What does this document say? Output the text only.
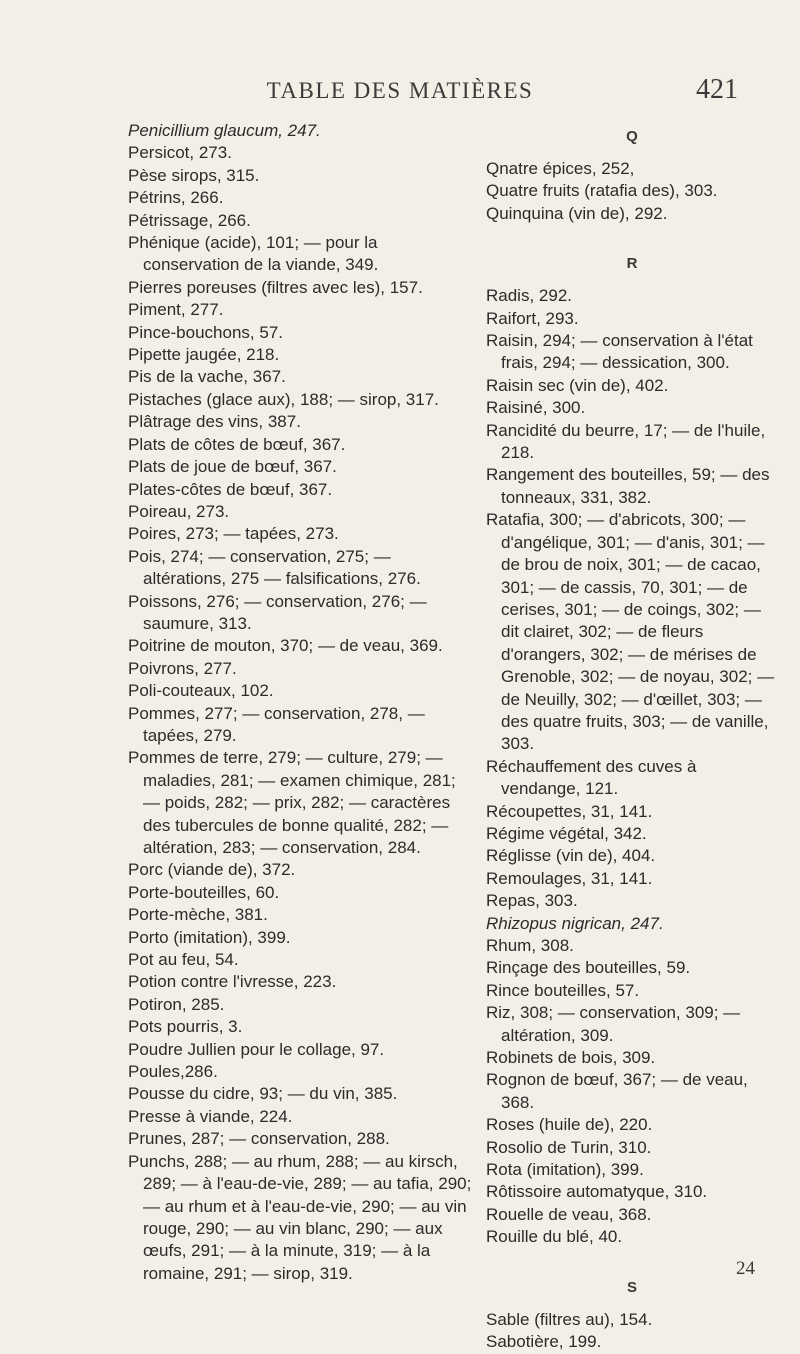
TABLE DES MATIÈRES	421
Penicillium glaucum, 247.
Persicot, 273.
Pèse sirops, 315.
Pétrins, 266.
Pétrissage, 266.
Phénique (acide), 101; — pour la conservation de la viande, 349.
Pierres poreuses (filtres avec les), 157.
Piment, 277.
Pince-bouchons, 57.
Pipette jaugée, 218.
Pis de la vache, 367.
Pistaches (glace aux), 188; — sirop, 317.
Plâtrage des vins, 387.
Plats de côtes de bœuf, 367.
Plats de joue de bœuf, 367.
Plates-côtes de bœuf, 367.
Poireau, 273.
Poires, 273; — tapées, 273.
Pois, 274; — conservation, 275; — altérations, 275 — falsifications, 276.
Poissons, 276; — conservation, 276; — saumure, 313.
Poitrine de mouton, 370; — de veau, 369.
Poivrons, 277.
Poli-couteaux, 102.
Pommes, 277; — conservation, 278, — tapées, 279.
Pommes de terre, 279; — culture, 279; — maladies, 281; — examen chimique, 281; — poids, 282; — prix, 282; — caractères des tubercules de bonne qualité, 282; — altération, 283; — conservation, 284.
Porc (viande de), 372.
Porte-bouteilles, 60.
Porte-mèche, 381.
Porto (imitation), 399.
Pot au feu, 54.
Potion contre l'ivresse, 223.
Potiron, 285.
Pots pourris, 3.
Poudre Jullien pour le collage, 97.
Poules,286.
Pousse du cidre, 93; — du vin, 385.
Presse à viande, 224.
Prunes, 287; — conservation, 288.
Punchs, 288; — au rhum, 288; — au kirsch, 289; — à l'eau-de-vie, 289; — au tafia, 290; — au rhum et à l'eau-de-vie, 290; — au vin rouge, 290; — au vin blanc, 290; — aux œufs, 291; — à la minute, 319; — à la romaine, 291; — sirop, 319.
Q
Qnatre épices, 252,
Quatre fruits (ratafia des), 303.
Quinquina (vin de), 292.
R
Radis, 292.
Raifort, 293.
Raisin, 294; — conservation à l'état frais, 294; — dessication, 300.
Raisin sec (vin de), 402.
Raisiné, 300.
Rancidité du beurre, 17; — de l'huile, 218.
Rangement des bouteilles, 59; — des tonneaux, 331, 382.
Ratafia, 300; — d'abricots, 300; — d'angélique, 301; — d'anis, 301; — de brou de noix, 301; — de cacao, 301; — de cassis, 70, 301; — de cerises, 301; — de coings, 302; — dit clairet, 302; — de fleurs d'orangers, 302; — de mérises de Grenoble, 302; — de noyau, 302; — de Neuilly, 302; — d'œillet, 303; — des quatre fruits, 303; — de vanille, 303.
Réchauffement des cuves à vendange, 121.
Récoupettes, 31, 141.
Régime végétal, 342.
Réglisse (vin de), 404.
Remoulages, 31, 141.
Repas, 303.
Rhizopus nigrican, 247.
Rhum, 308.
Rinçage des bouteilles, 59.
Rince bouteilles, 57.
Riz, 308; — conservation, 309; — altération, 309.
Robinets de bois, 309.
Rognon de bœuf, 367; — de veau, 368.
Roses (huile de), 220.
Rosolio de Turin, 310.
Rota (imitation), 399.
Rôtissoire automatyque, 310.
Rouelle de veau, 368.
Rouille du blé, 40.
S
Sable (filtres au), 154.
Sabotière, 199.
24
